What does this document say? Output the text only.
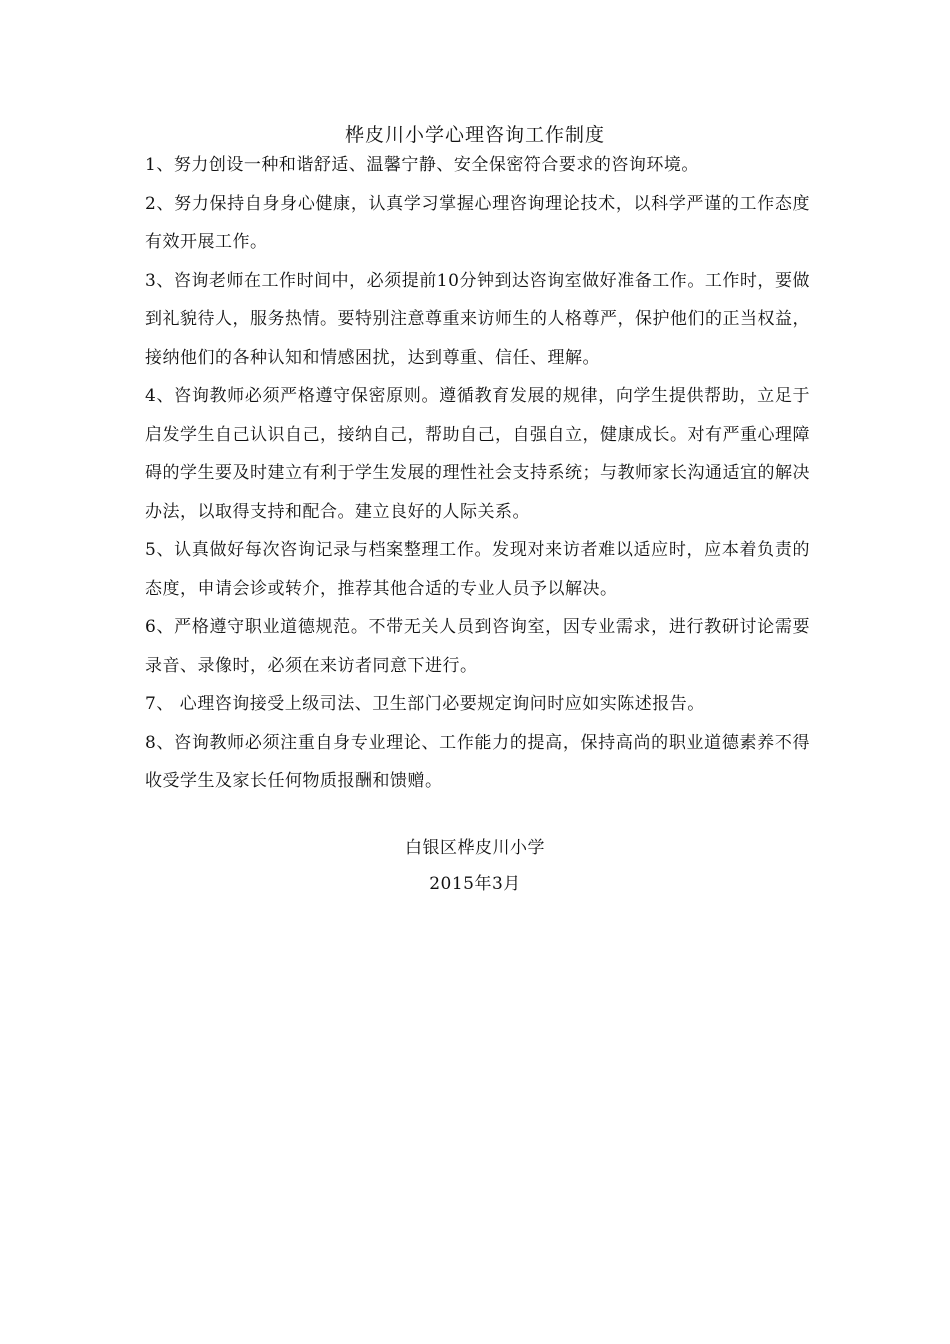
桦皮川小学心理咨询工作制度

1、努力创设一种和谐舒适、温馨宁静、安全保密符合要求的咨询环境。

2、努力保持自身身心健康，认真学习掌握心理咨询理论技术，以科学严谨的工作态度有效开展工作。

3、咨询老师在工作时间中，必须提前10分钟到达咨询室做好准备工作。工作时，要做到礼貌待人，服务热情。要特别注意尊重来访师生的人格尊严，保护他们的正当权益，接纳他们的各种认知和情感困扰，达到尊重、信任、理解。

4、咨询教师必须严格遵守保密原则。遵循教育发展的规律，向学生提供帮助，立足于启发学生自己认识自己，接纳自己，帮助自己，自强自立，健康成长。对有严重心理障碍的学生要及时建立有利于学生发展的理性社会支持系统；与教师家长沟通适宜的解决办法，以取得支持和配合。建立良好的人际关系。

5、认真做好每次咨询记录与档案整理工作。发现对来访者难以适应时，应本着负责的态度，申请会诊或转介，推荐其他合适的专业人员予以解决。

6、严格遵守职业道德规范。不带无关人员到咨询室，因专业需求，进行教研讨论需要录音、录像时，必须在来访者同意下进行。

7、 心理咨询接受上级司法、卫生部门必要规定询问时应如实陈述报告。

8、咨询教师必须注重自身专业理论、工作能力的提高，保持高尚的职业道德素养不得收受学生及家长任何物质报酬和馈赠。

白银区桦皮川小学
2015年3月
